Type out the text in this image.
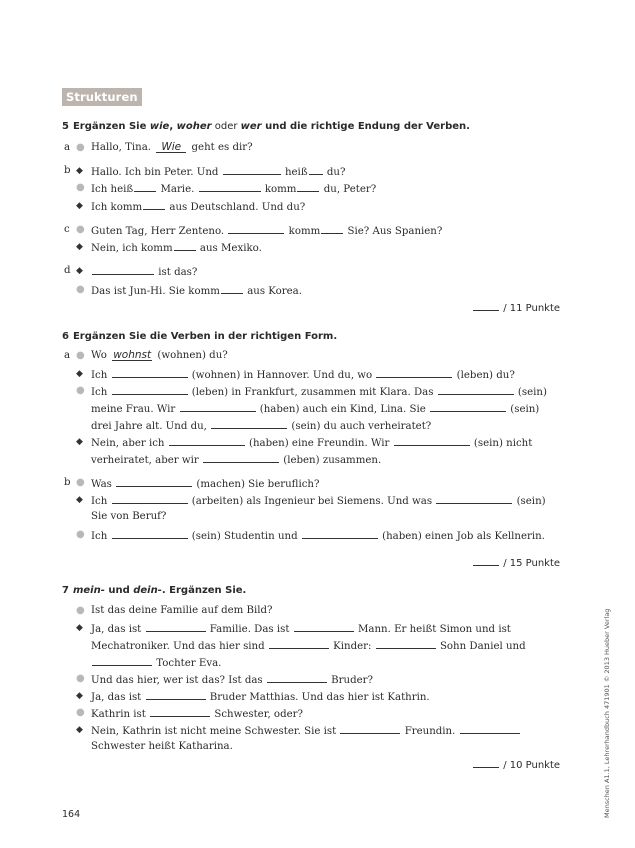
Strukturen
5 Ergänzen Sie wie, woher oder wer und die richtige Endung der Verben.
a ● Hallo, Tina. Wie geht es dir?
b ◆ Hallo. Ich bin Peter. Und	heiß du?
● Ich heiß	Marie.	komm	du, Peter?
◆ Ich komm	aus Deutschland. Und du?
c ● Guten Tag, Herr Zenteno.	komm	Sie? Aus Spanien?
◆ Nein, ich komm	aus Mexiko.
d ◆	ist das?
● Das ist Jun-Hi. Sie komm	aus Korea.
/ 11 Punkte
6 Ergänzen Sie die Verben in der richtigen Form.
a ● Wo wohnst (wohnen) du?
◆ Ich	(wohnen) in Hannover. Und du, wo	(leben) du?
● Ich	(leben) in Frankfurt, zusammen mit Klara. Das	(sein)
meine Frau. Wir	(haben) auch ein Kind, Lina. Sie	(sein)
drei Jahre alt. Und du,	(sein) du auch verheiratet?
◆ Nein, aber ich	(haben) eine Freundin. Wir	(sein) nicht
verheiratet, aber wir	(leben) zusammen.
b ● Was	(machen) Sie beruflich?
◆ Ich	(arbeiten) als Ingenieur bei Siemens. Und was	(sein)
Sie von Beruf?
● Ich	(sein) Studentin und	(haben) einen Job als Kellnerin.
/ 15 Punkte
7 mein- und dein-. Ergänzen Sie.
● Ist das deine Familie auf dem Bild?
◆ Ja, das ist	Familie. Das ist	Mann. Er heißt Simon und ist
Mechatroniker. Und das hier sind	Kinder:	Sohn Daniel und
Tochter Eva.
● Und das hier, wer ist das? Ist das	Bruder?
◆ Ja, das ist	Bruder Matthias. Und das hier ist Kathrin.
● Kathrin ist	Schwester, oder?
◆ Nein, Kathrin ist nicht meine Schwester. Sie ist	Freundin.
Schwester heißt Katharina.
/ 10 Punkte
164	Menschen A1.1, Lehrerhandbuch 471901 © 2013 Hueber Verlag
